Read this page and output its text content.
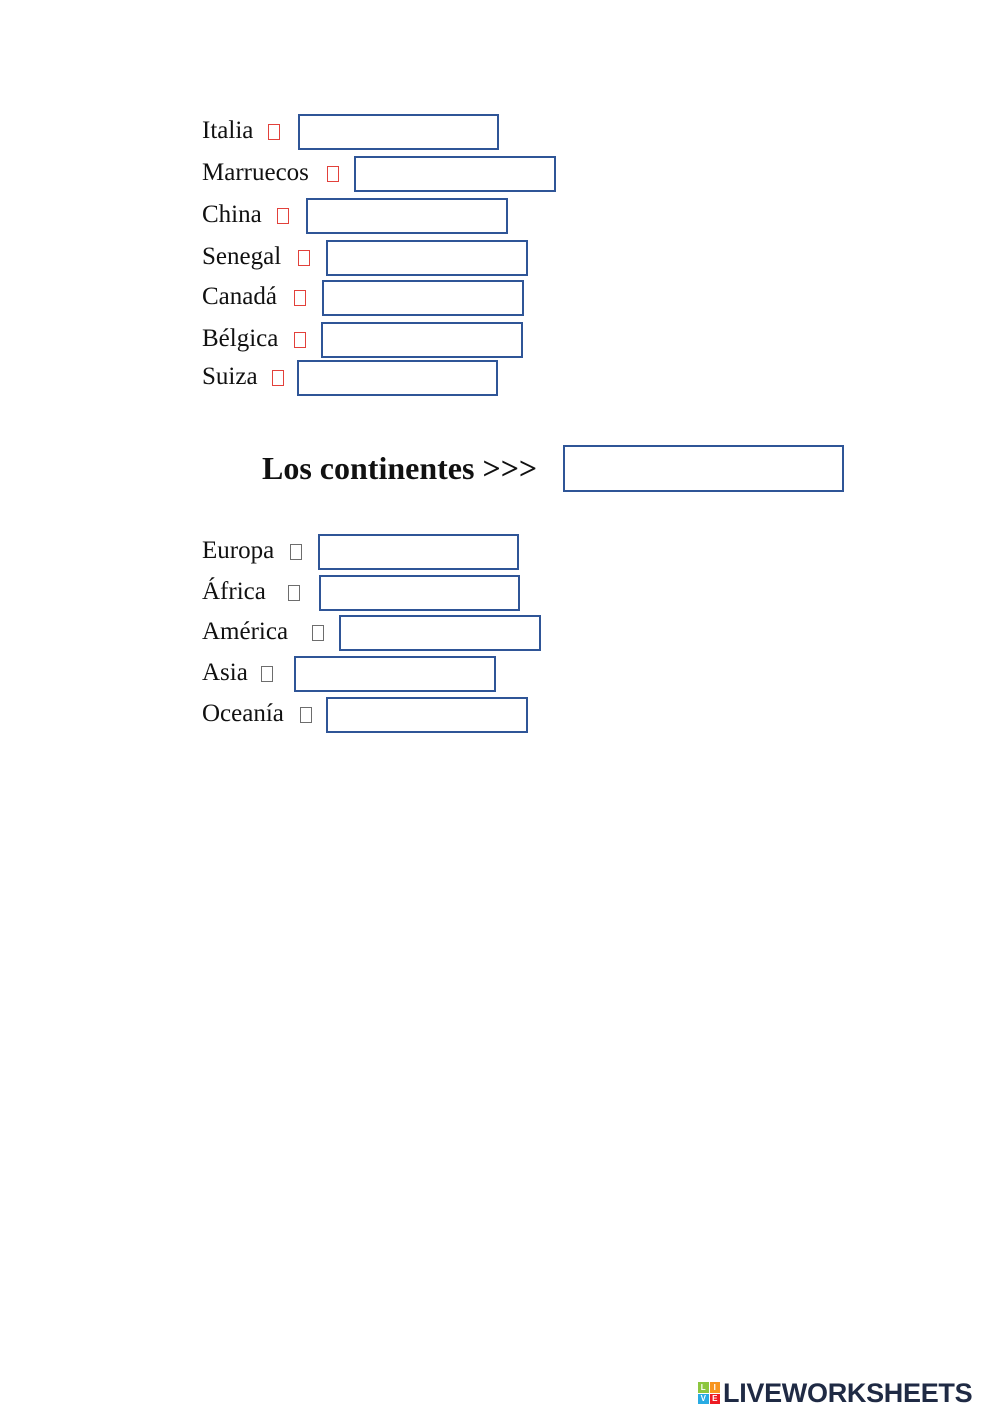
Italia
Marruecos
China
Senegal
Canadá
Bélgica
Suiza
Los continentes >>>
Europa
África
América
Asia
Oceanía
L I
V E LIVEWORKSHEETS
